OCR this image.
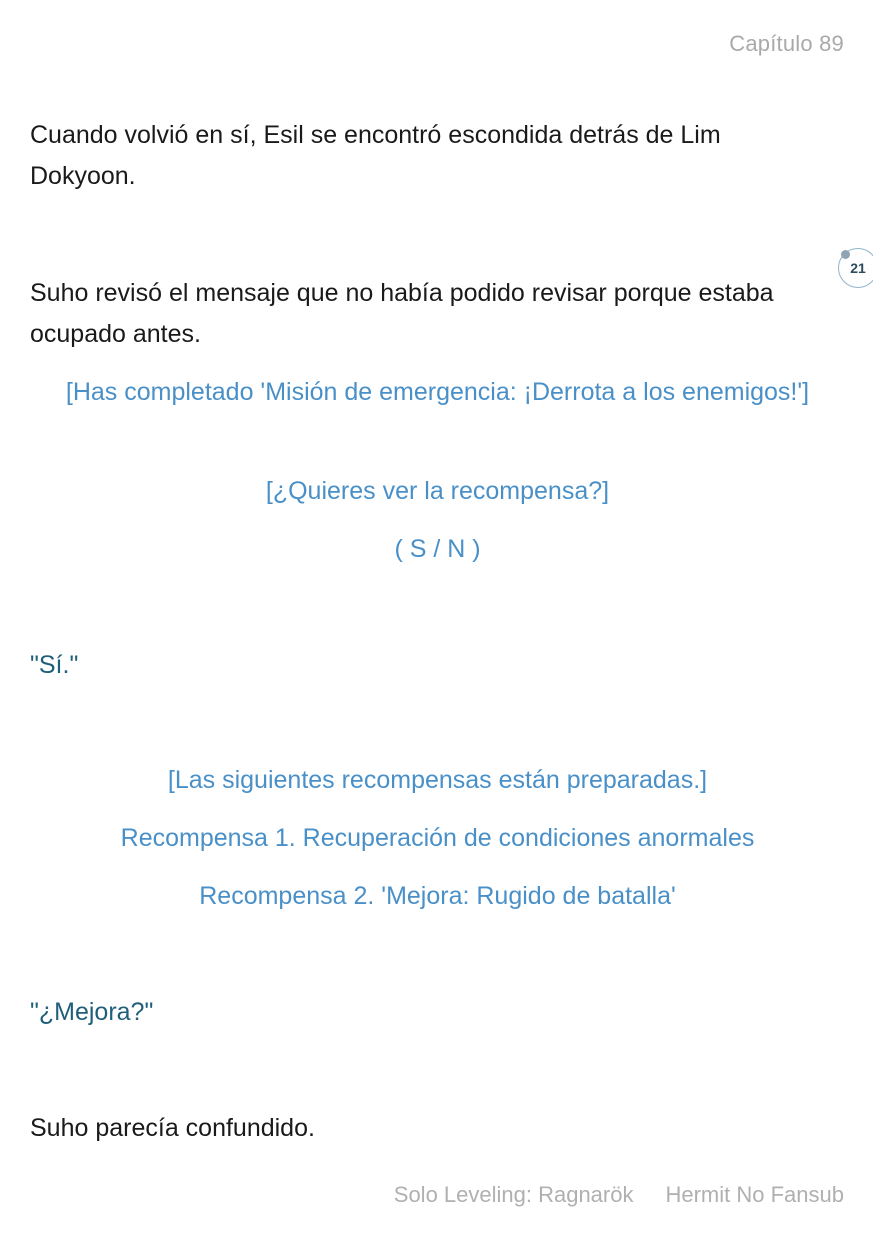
Capítulo 89

Cuando volvió en sí, Esil se encontró escondida detrás de Lim Dokyoon.

21

Suho revisó el mensaje que no había podido revisar porque estaba ocupado antes.

[Has completado 'Misión de emergencia: ¡Derrota a los enemigos!']

[¿Quieres ver la recompensa?]

( S / N )

"Sí."

[Las siguientes recompensas están preparadas.]

Recompensa 1. Recuperación de condiciones anormales

Recompensa 2. 'Mejora: Rugido de batalla'

"¿Mejora?"

Suho parecía confundido.

Solo Leveling: Ragnarök Hermit No Fansub
